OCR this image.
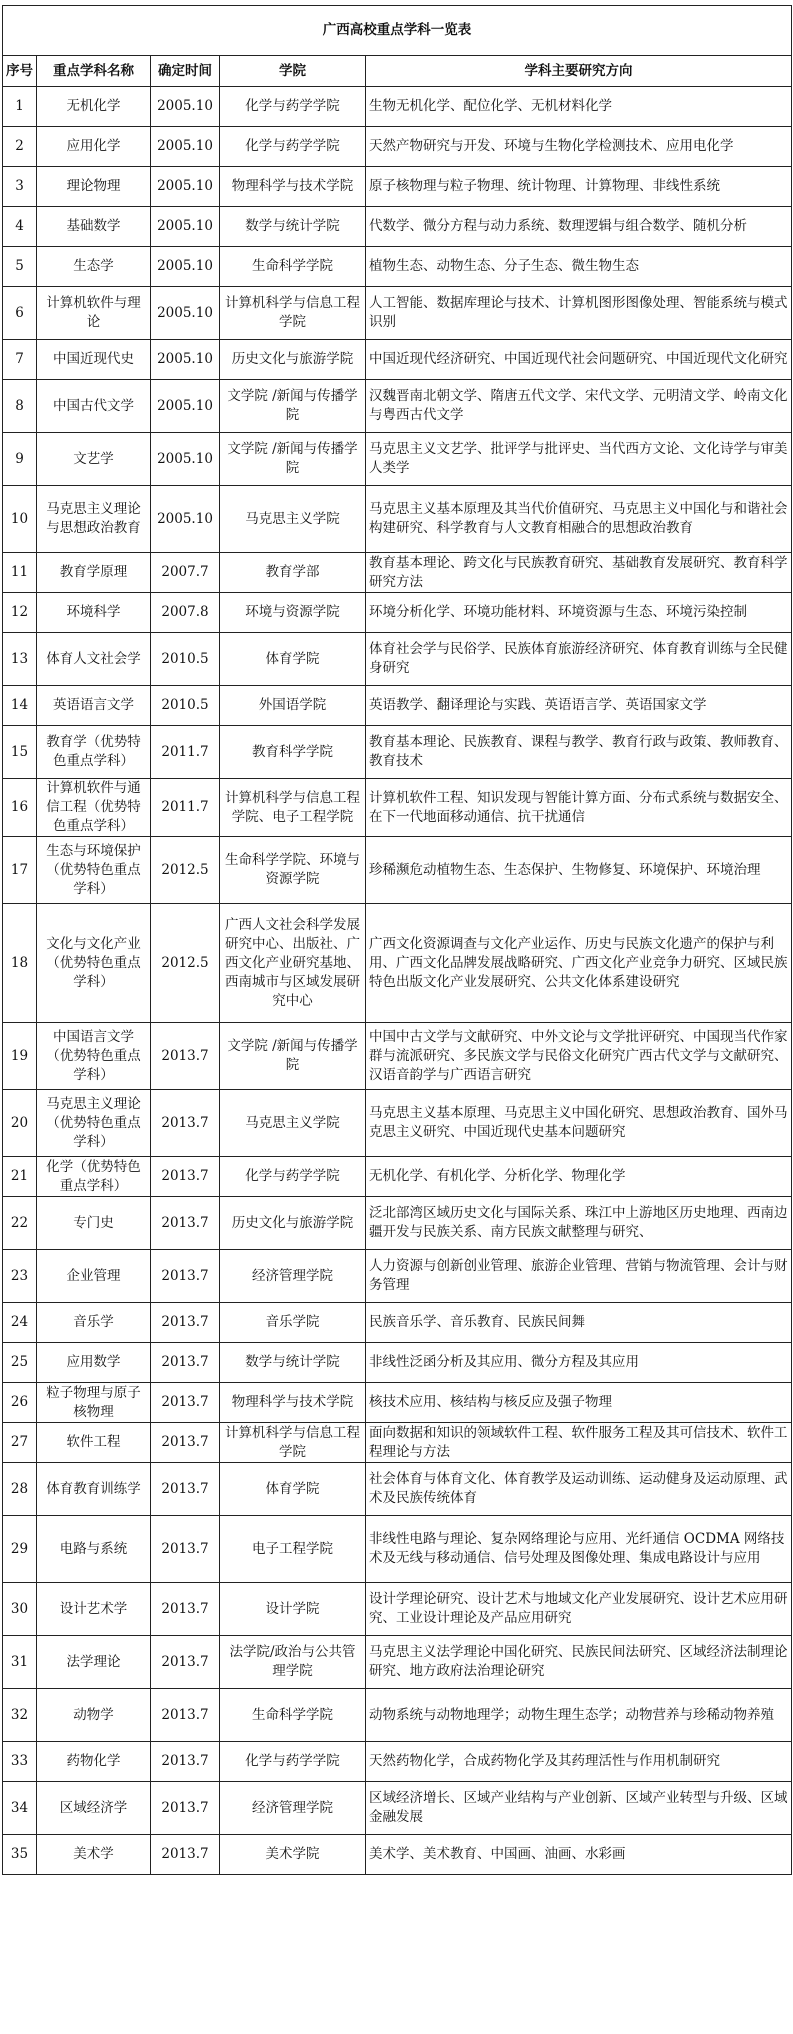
广西高校重点学科一览表				
序号	重点学科名称	确定时间	学院	学科主要研究方向
1	无机化学	2005.10	化学与药学学院	生物无机化学、配位化学、无机材料化学
2	应用化学	2005.10	化学与药学学院	天然产物研究与开发、环境与生物化学检测技术、应用电化学
3	理论物理	2005.10	物理科学与技术学院	原子核物理与粒子物理、统计物理、计算物理、非线性系统
4	基础数学	2005.10	数学与统计学院	代数学、微分方程与动力系统、数理逻辑与组合数学、随机分析
5	生态学	2005.10	生命科学学院	植物生态、动物生态、分子生态、微生物生态
6	计算机软件与理论	2005.10	计算机科学与信息工程学院	人工智能、数据库理论与技术、计算机图形图像处理、智能系统与模式识别
7	中国近现代史	2005.10	历史文化与旅游学院	中国近现代经济研究、中国近现代社会问题研究、中国近现代文化研究
8	中国古代文学	2005.10	文学院 /新闻与传播学院	汉魏晋南北朝文学、隋唐五代文学、宋代文学、元明清文学、岭南文化与粤西古代文学
9	文艺学	2005.10	文学院 /新闻与传播学院	马克思主义文艺学、批评学与批评史、当代西方文论、文化诗学与审美人类学
10	马克思主义理论与思想政治教育	2005.10	马克思主义学院	马克思主义基本原理及其当代价值研究、马克思主义中国化与和谐社会构建研究、科学教育与人文教育相融合的思想政治教育
11	教育学原理	2007.7	教育学部	教育基本理论、跨文化与民族教育研究、基础教育发展研究、教育科学研究方法
12	环境科学	2007.8	环境与资源学院	环境分析化学、环境功能材料、环境资源与生态、环境污染控制
13	体育人文社会学	2010.5	体育学院	体育社会学与民俗学、民族体育旅游经济研究、体育教育训练与全民健身研究
14	英语语言文学	2010.5	外国语学院	英语教学、翻译理论与实践、英语语言学、英语国家文学
15	教育学（优势特色重点学科）	2011.7	教育科学学院	教育基本理论、民族教育、课程与教学、教育行政与政策、教师教育、教育技术
16	计算机软件与通信工程（优势特色重点学科）	2011.7	计算机科学与信息工程学院、电子工程学院	计算机软件工程、知识发现与智能计算方面、分布式系统与数据安全、在下一代地面移动通信、抗干扰通信
17	生态与环境保护（优势特色重点学科）	2012.5	生命科学学院、环境与资源学院	珍稀濒危动植物生态、生态保护、生物修复、环境保护、环境治理
18	文化与文化产业（优势特色重点学科）	2012.5	广西人文社会科学发展研究中心、出版社、广西文化产业研究基地、西南城市与区域发展研究中心	广西文化资源调查与文化产业运作、历史与民族文化遗产的保护与利用、广西文化品牌发展战略研究、广西文化产业竞争力研究、区域民族特色出版文化产业发展研究、公共文化体系建设研究
19	中国语言文学（优势特色重点学科）	2013.7	文学院 /新闻与传播学院	中国中古文学与文献研究、中外文论与文学批评研究、中国现当代作家群与流派研究、多民族文学与民俗文化研究广西古代文学与文献研究、汉语音韵学与广西语言研究
20	马克思主义理论（优势特色重点学科）	2013.7	马克思主义学院	马克思主义基本原理、马克思主义中国化研究、思想政治教育、国外马克思主义研究、中国近现代史基本问题研究
21	化学（优势特色重点学科）	2013.7	化学与药学学院	无机化学、有机化学、分析化学、物理化学
22	专门史	2013.7	历史文化与旅游学院	泛北部湾区域历史文化与国际关系、珠江中上游地区历史地理、西南边疆开发与民族关系、南方民族文献整理与研究、
23	企业管理	2013.7	经济管理学院	人力资源与创新创业管理、旅游企业管理、营销与物流管理、会计与财务管理
24	音乐学	2013.7	音乐学院	民族音乐学、音乐教育、民族民间舞
25	应用数学	2013.7	数学与统计学院	非线性泛函分析及其应用、微分方程及其应用
26	粒子物理与原子核物理	2013.7	物理科学与技术学院	核技术应用、核结构与核反应及强子物理
27	软件工程	2013.7	计算机科学与信息工程学院	面向数据和知识的领域软件工程、软件服务工程及其可信技术、软件工程理论与方法
28	体育教育训练学	2013.7	体育学院	社会体育与体育文化、体育教学及运动训练、运动健身及运动原理、武术及民族传统体育
29	电路与系统	2013.7	电子工程学院	非线性电路与理论、复杂网络理论与应用、光纤通信 OCDMA 网络技术及无线与移动通信、信号处理及图像处理、集成电路设计与应用
30	设计艺术学	2013.7	设计学院	设计学理论研究、设计艺术与地域文化产业发展研究、设计艺术应用研究、工业设计理论及产品应用研究
31	法学理论	2013.7	法学院/政治与公共管理学院	马克思主义法学理论中国化研究、民族民间法研究、区域经济法制理论研究、地方政府法治理论研究
32	动物学	2013.7	生命科学学院	动物系统与动物地理学；动物生理生态学；动物营养与珍稀动物养殖
33	药物化学	2013.7	化学与药学学院	天然药物化学，合成药物化学及其药理活性与作用机制研究
34	区域经济学	2013.7	经济管理学院	区域经济增长、区域产业结构与产业创新、区域产业转型与升级、区域金融发展
35	美术学	2013.7	美术学院	美术学、美术教育、中国画、油画、水彩画
